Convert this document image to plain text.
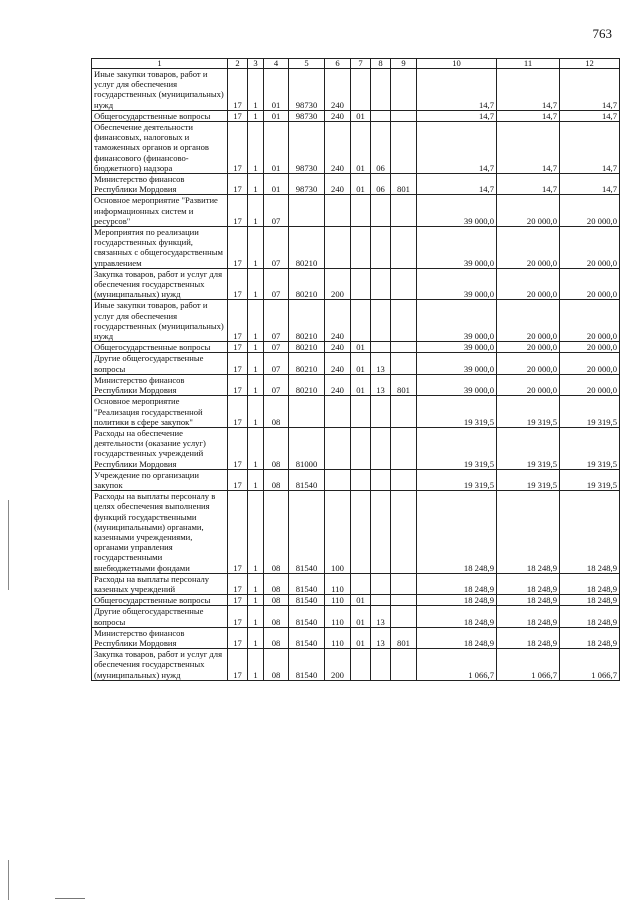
763
1	2	3	4	5	6	7	8	9	10	11	12
Иные закупки товаров, работ и услуг для обеспечения государственных (муниципальных) нужд	17	1	01	98730	240				14,7	14,7	14,7
Общегосударственные вопросы	17	1	01	98730	240	01			14,7	14,7	14,7
Обеспечение деятельности финансовых, налоговых и таможенных органов и органов финансового (финансово-бюджетного) надзора	17	1	01	98730	240	01	06		14,7	14,7	14,7
Министерство финансов Республики Мордовия	17	1	01	98730	240	01	06	801	14,7	14,7	14,7
Основное мероприятие "Развитие информационных систем и ресурсов"	17	1	07						39 000,0	20 000,0	20 000,0
Мероприятия по реализации государственных функций, связанных с общегосударственным управлением	17	1	07	80210					39 000,0	20 000,0	20 000,0
Закупка товаров, работ и услуг для обеспечения государственных (муниципальных) нужд	17	1	07	80210	200				39 000,0	20 000,0	20 000,0
Иные закупки товаров, работ и услуг для обеспечения государственных (муниципальных) нужд	17	1	07	80210	240				39 000,0	20 000,0	20 000,0
Общегосударственные вопросы	17	1	07	80210	240	01			39 000,0	20 000,0	20 000,0
Другие общегосударственные вопросы	17	1	07	80210	240	01	13		39 000,0	20 000,0	20 000,0
Министерство финансов Республики Мордовия	17	1	07	80210	240	01	13	801	39 000,0	20 000,0	20 000,0
Основное мероприятие "Реализация государственной политики в сфере закупок"	17	1	08						19 319,5	19 319,5	19 319,5
Расходы на обеспечение деятельности (оказание услуг) государственных учреждений Республики Мордовия	17	1	08	81000					19 319,5	19 319,5	19 319,5
Учреждение по организации закупок	17	1	08	81540					19 319,5	19 319,5	19 319,5
Расходы на выплаты персоналу в целях обеспечения выполнения функций государственными (муниципальными) органами, казенными учреждениями, органами управления государственными внебюджетными фондами	17	1	08	81540	100				18 248,9	18 248,9	18 248,9
Расходы на выплаты персоналу казенных учреждений	17	1	08	81540	110				18 248,9	18 248,9	18 248,9
Общегосударственные вопросы	17	1	08	81540	110	01			18 248,9	18 248,9	18 248,9
Другие общегосударственные вопросы	17	1	08	81540	110	01	13		18 248,9	18 248,9	18 248,9
Министерство финансов Республики Мордовия	17	1	08	81540	110	01	13	801	18 248,9	18 248,9	18 248,9
Закупка товаров, работ и услуг для обеспечения государственных (муниципальных) нужд	17	1	08	81540	200				1 066,7	1 066,7	1 066,7
